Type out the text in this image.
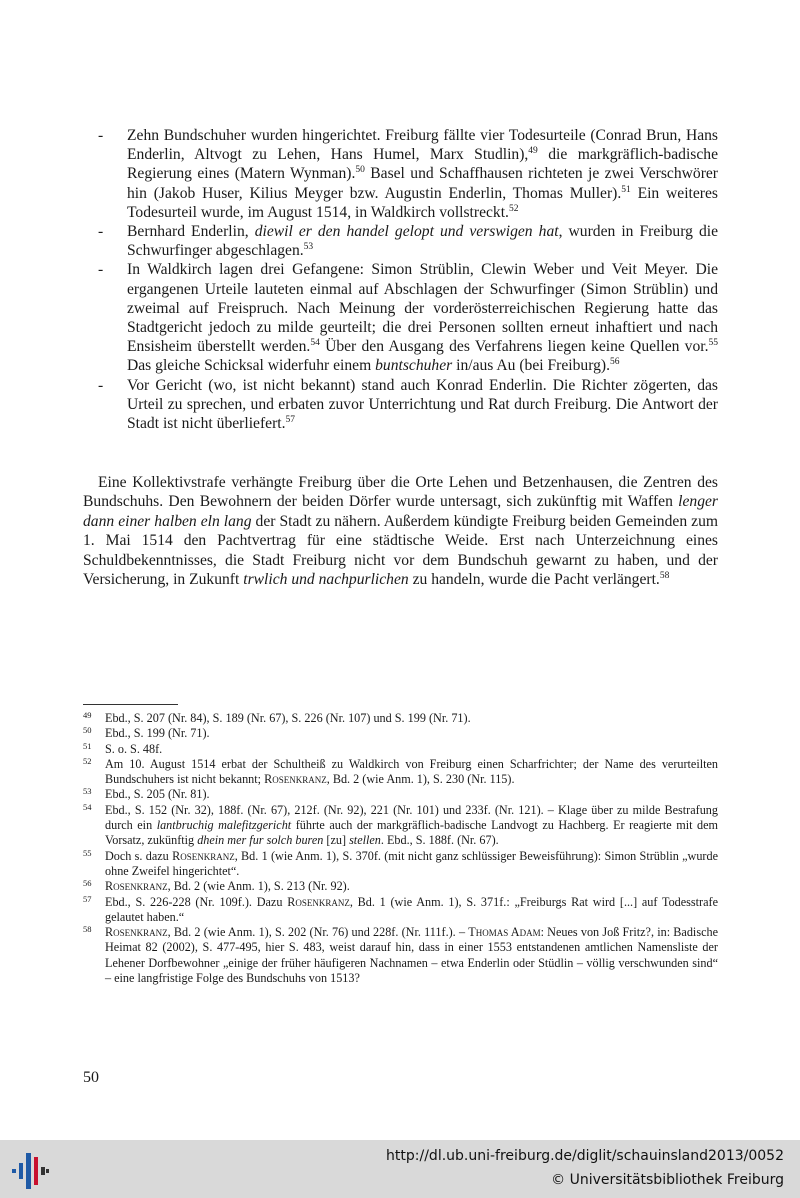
- Zehn Bundschuher wurden hingerichtet. Freiburg fällte vier Todesurteile (Conrad Brun, Hans Enderlin, Altvogt zu Lehen, Hans Humel, Marx Studlin),$^{49}$ die markgräflich-badische Regierung eines (Matern Wynman).$^{50}$ Basel und Schaffhausen richteten je zwei Verschwörer hin (Jakob Huser, Kilius Meyger bzw. Augustin Enderlin, Thomas Muller).$^{51}$ Ein weiteres Todesurteil wurde, im August 1514, in Waldkirch vollstreckt.$^{52}$
- Bernhard Enderlin, diewil er den handel gelopt und verswigen hat, wurden in Freiburg die Schwurfinger abgeschlagen.$^{53}$
- In Waldkirch lagen drei Gefangene: Simon Strüblin, Clewin Weber und Veit Meyer. Die ergangenen Urteile lauteten einmal auf Abschlagen der Schwurfinger (Simon Strüblin) und zweimal auf Freispruch. Nach Meinung der vorderösterreichischen Regierung hatte das Stadtgericht jedoch zu milde geurteilt; die drei Personen sollten erneut inhaftiert und nach Ensisheim überstellt werden.$^{54}$ Über den Ausgang des Verfahrens liegen keine Quellen vor.$^{55}$ Das gleiche Schicksal widerfuhr einem buntschuher in/aus Au (bei Freiburg).$^{56}$
- Vor Gericht (wo, ist nicht bekannt) stand auch Konrad Enderlin. Die Richter zögerten, das Urteil zu sprechen, und erbaten zuvor Unterrichtung und Rat durch Freiburg. Die Antwort der Stadt ist nicht überliefert.$^{57}$

Eine Kollektivstrafe verhängte Freiburg über die Orte Lehen und Betzenhausen, die Zentren des Bundschuhs. Den Bewohnern der beiden Dörfer wurde untersagt, sich zukünftig mit Waffen lenger dann einer halben eln lang der Stadt zu nähern. Außerdem kündigte Freiburg beiden Gemeinden zum 1. Mai 1514 den Pachtvertrag für eine städtische Weide. Erst nach Unterzeichnung eines Schuldbekenntnisses, die Stadt Freiburg nicht vor dem Bundschuh gewarnt zu haben, und der Versicherung, in Zukunft trwlich und nachpurlichen zu handeln, wurde die Pacht verlängert.$^{58}$

49 Ebd., S. 207 (Nr. 84), S. 189 (Nr. 67), S. 226 (Nr. 107) und S. 199 (Nr. 71).
50 Ebd., S. 199 (Nr. 71).
51 S. o. S. 48f.
52 Am 10. August 1514 erbat der Schultheiß zu Waldkirch von Freiburg einen Scharfrichter; der Name des verurteilten Bundschuhers ist nicht bekannt; Rosenkranz, Bd. 2 (wie Anm. 1), S. 230 (Nr. 115).
53 Ebd., S. 205 (Nr. 81).
54 Ebd., S. 152 (Nr. 32), 188f. (Nr. 67), 212f. (Nr. 92), 221 (Nr. 101) und 233f. (Nr. 121). – Klage über zu milde Bestrafung durch ein lantbruchig malefitzgericht führte auch der markgräflich-badische Landvogt zu Hachberg. Er reagierte mit dem Vorsatz, zukünftig dhein mer fur solch buren [zu] stellen. Ebd., S. 188f. (Nr. 67).
55 Doch s. dazu Rosenkranz, Bd. 1 (wie Anm. 1), S. 370f. (mit nicht ganz schlüssiger Beweisführung): Simon Strüblin „wurde ohne Zweifel hingerichtet“.
56 Rosenkranz, Bd. 2 (wie Anm. 1), S. 213 (Nr. 92).
57 Ebd., S. 226-228 (Nr. 109f.). Dazu Rosenkranz, Bd. 1 (wie Anm. 1), S. 371f.: „Freiburgs Rat wird [...] auf Todesstrafe gelautet haben.“
58 Rosenkranz, Bd. 2 (wie Anm. 1), S. 202 (Nr. 76) und 228f. (Nr. 111f.). – Thomas Adam: Neues von Joß Fritz?, in: Badische Heimat 82 (2002), S. 477-495, hier S. 483, weist darauf hin, dass in einer 1553 entstandenen amtlichen Namensliste der Lehener Dorfbewohner „einige der früher häufigeren Nachnamen – etwa Enderlin oder Stüdlin – völlig verschwunden sind“ – eine langfristige Folge des Bundschuhs von 1513?
50
http://dl.ub.uni-freiburg.de/diglit/schauinsland2013/0052
© Universitätsbibliothek Freiburg
